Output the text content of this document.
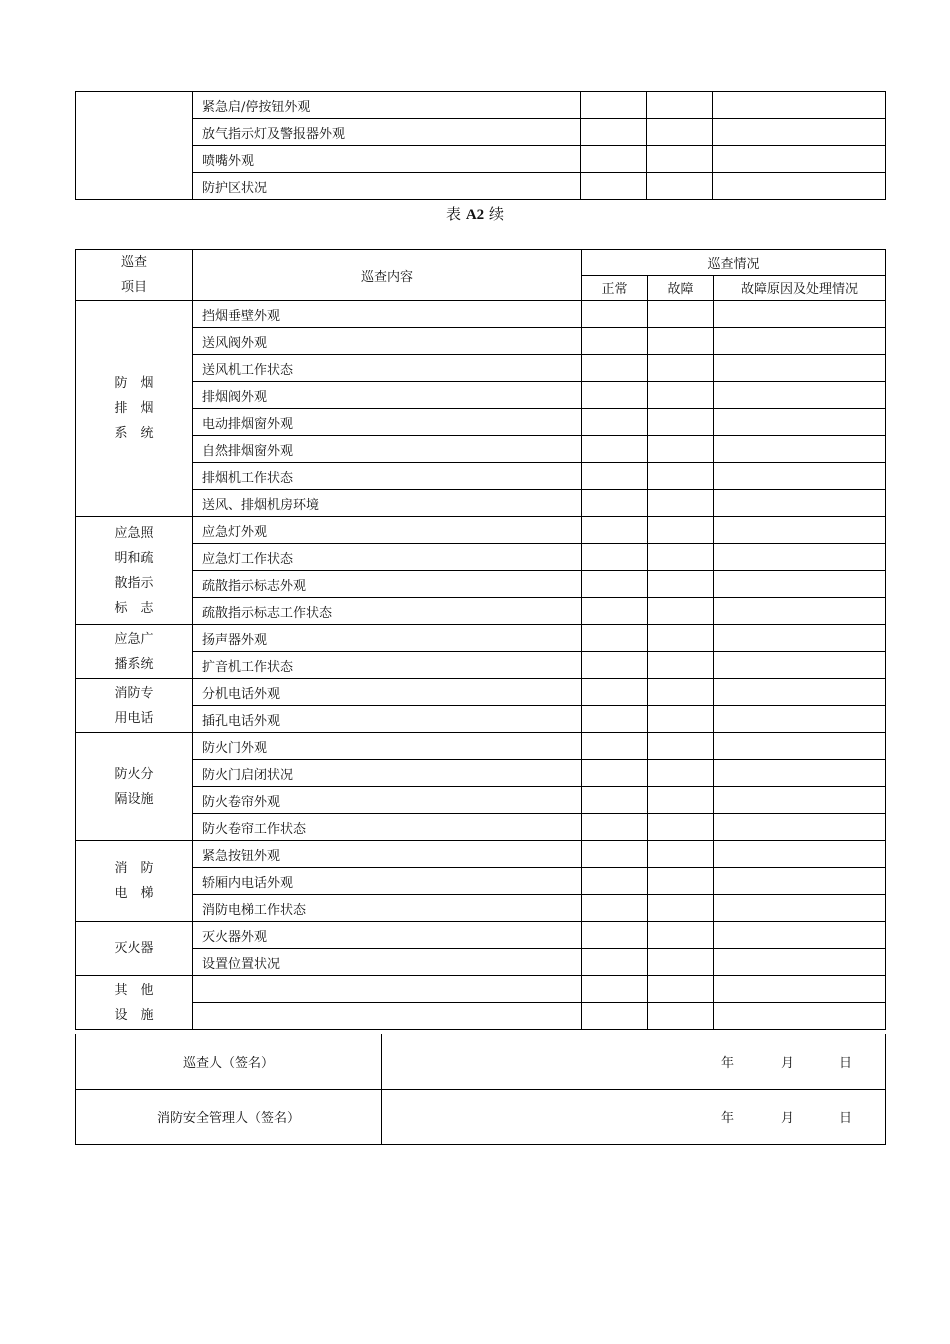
	紧急启/停按钮外观			
	放气指示灯及警报器外观			
	喷嘴外观			
	防护区状况			
表 A2 续
巡查
项目	巡查内容	巡查情况		
		正常	故障	故障原因及处理情况

防　烟
排　烟
系　统	挡烟垂壁外观			
	送风阀外观			
	送风机工作状态			
	排烟阀外观			
	电动排烟窗外观			
	自然排烟窗外观			
	排烟机工作状态			
	送风、排烟机房环境			

应急照
明和疏
散指示
标　志	应急灯外观			
	应急灯工作状态			
	疏散指示标志外观			
	疏散指示标志工作状态			

应急广
播系统	扬声器外观			
	扩音机工作状态			

消防专
用电话	分机电话外观			
	插孔电话外观			

防火分
隔设施	防火门外观			
	防火门启闭状况			
	防火卷帘外观			
	防火卷帘工作状态			

消　防
电　梯	紧急按钮外观			
	轿厢内电话外观			
	消防电梯工作状态			

灭火器	灭火器外观			
	设置位置状况			

其　他
设　施				

巡查人（签名）	年 月 日

消防安全管理人（签名）	年 月 日
